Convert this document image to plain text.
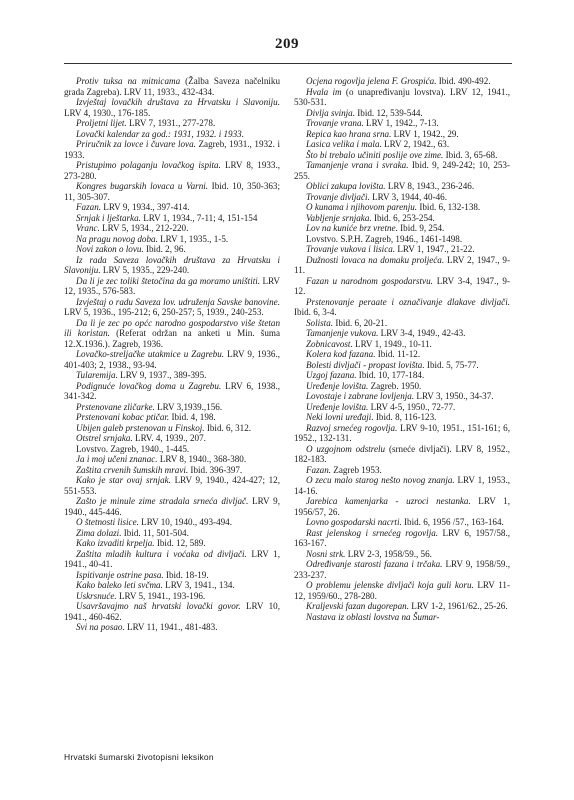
209

Protiv tuksa na mitnicama (Žalba Saveza načelniku grada Zagreba). LRV 11, 1933., 432-434.

Izvještaj lovačkih društava za Hrvatsku i Slavoniju. LRV 4, 1930., 176-185.

Proljetni lijet. LRV 7, 1931., 277-278.

Lovački kalendar za god.: 1931, 1932. i 1933.

Priručnik za lovce i čuvare lova. Zagreb, 1931., 1932. i 1933.

Pristupimo polaganju lovačkog ispita. LRV 8, 1933., 273-280.

Kongres bugarskih lovaca u Varni. Ibid. 10, 350-363; 11, 305-307.

Fazan. LRV 9, 1934., 397-414.

Srnjak i lještarka. LRV 1, 1934., 7-11; 4, 151-154

Vranc. LRV 5, 1934., 212-220.

Na pragu novog doba. LRV 1, 1935., 1-5.

Novi zakon o lovu. Ibid. 2, 96.

Iz rada Saveza lovačkih društava za Hrvatsku i Slavoniju. LRV 5, 1935., 229-240.

Da li je zec toliki štetočina da ga moramo uništiti. LRV 12, 1935., 576-583.

Izvještaj o radu Saveza lov. udruženja Savske banovine. LRV 5, 1936., 195-212; 6, 250-257; 5, 1939., 240-253.

Da li je zec po općc narodno gospodarstvo više štetan ili koristan. (Referat održan na anketi u Min. šuma 12.X.1936.). Zagreb, 1936.

Lovačko-streljačke utakmice u Zagrebu. LRV 9, 1936., 401-403; 2, 1938., 93-94.

Tularemija. LRV 9, 1937., 389-395.

Podignuće lovačkog doma u Zagrebu. LRV 6, 1938., 341-342.

Prstenovane zličarke. LRV 3,1939.,156.

Prstenovani kobac ptičar. Ibid. 4, 198.

Ubijen galeb prstenovan u Finskoj. Ibid. 6, 312.

Otstrel srnjaka. LRV. 4, 1939., 207.

Lovstvo. Zagreb, 1940., 1-445.

Ja i moj učeni znanac. LRV 8, 1940., 368-380.

Zaštita crvenih šumskih mravi. Ibid. 396-397.

Kako je star ovaj srnjak. LRV 9, 1940., 424-427; 12, 551-553.

Zašto je minule zime stradala srneća divljač. LRV 9, 1940., 445-446.

O štetnosti lisice. LRV 10, 1940., 493-494.

Zima dolazi. Ibid. 11, 501-504.

Kako izvaditi krpelja. Ibid. 12, 589.

Zaštita mladih kultura i voćaka od divljači. LRV 1, 1941., 40-41.

Ispitivanje ostrine pasa. Ibid. 18-19.

Kako baleko leti svčma. LRV 3, 1941., 134.

Uskrsnuće. LRV 5, 1941., 193-196.

Usavršavajmo naš hrvatski lovački govor. LRV 10, 1941., 460-462.

Svi na posao. LRV 11, 1941., 481-483.

Ocjena rogovlja jelena F. Grospića. Ibid. 490-492.

Hvala im (o unapređivanju lovstva). LRV 12, 1941., 530-531.

Divlja svinja. Ibid. 12, 539-544.

Trovanje vrana. LRV 1, 1942., 7-13.

Repica kao hrana srna. LRV 1, 1942., 29.

Lasica velika i mala. LRV 2, 1942., 63.

Što bi trebalo učiniti poslije ove zime. Ibid. 3, 65-68.

Tamanjenje vrana i svraka. Ibid. 9, 249-242; 10, 253-255.

Oblici zakupa lovišta. LRV 8, 1943., 236-246.

Trovanje divljači. LRV 3, 1944, 40-46.

O kunama i njihovom parenju. Ibid. 6, 132-138.

Vabljenje srnjaka. Ibid. 6, 253-254.

Lov na kuniće brz vretne. Ibid. 9, 254.

Lovstvo. S.P.H. Zagreb, 1946., 1461-1498.

Trovanje vukova i lisica. LRV 1, 1947., 21-22.

Dužnosti lovaca na domaku proljeća. LRV 2, 1947., 9-11.

Fazan u narodnom gospodarstvu. LRV 3-4, 1947., 9-12.

Prstenovanje peraate i označivanje dlakave divljači. Ibid. 6, 3-4.

Solista. Ibid. 6, 20-21.

Tamanjenje vukova. LRV 3-4, 1949., 42-43.

Zobnicavost. LRV 1, 1949., 10-11.

Kolera kod fazana. Ibid. 11-12.

Bolesti divljači - propast lovišta. Ibid. 5, 75-77.

Uzgoj fazana. Ibid. 10, 177-184.

Uređenje lovišta. Zagreb. 1950.

Lovostaje i zabrane lovljenja. LRV 3, 1950., 34-37.

Uređenje lovišta. LRV 4-5, 1950., 72-77.

Neki lovni uređaji. Ibid. 8, 116-123.

Razvoj srnećeg rogovlja. LRV 9-10, 1951., 151-161; 6, 1952., 132-131.

O uzgojnom odstrelu (srneće divljači). LRV 8, 1952., 182-183.

Fazan. Zagreb 1953.

O zecu malo starog nešto novog znanja. LRV 1, 1953., 14-16.

Jarebica kamenjarka - uzroci nestanka. LRV 1, 1956/57, 26.

Lovno gospodarski nacrti. Ibid. 6, 1956 /57., 163-164.

Rast jelenskog i srnećeg rogovlja. LRV 6, 1957/58., 163-167.

Nosni strk. LRV 2-3, 1958/59., 56.

Određivanje starosti fazana i trčaka. LRV 9, 1958/59., 233-237.

O problemu jelenske divljači koja guli koru. LRV 11-12, 1959/60., 278-280.

Kraljevski fazan dugorepan. LRV 1-2, 1961/62., 25-26.

Nastava iz oblasti lovstva na Šumar-

Hrvatski šumarski životopisni leksikon
